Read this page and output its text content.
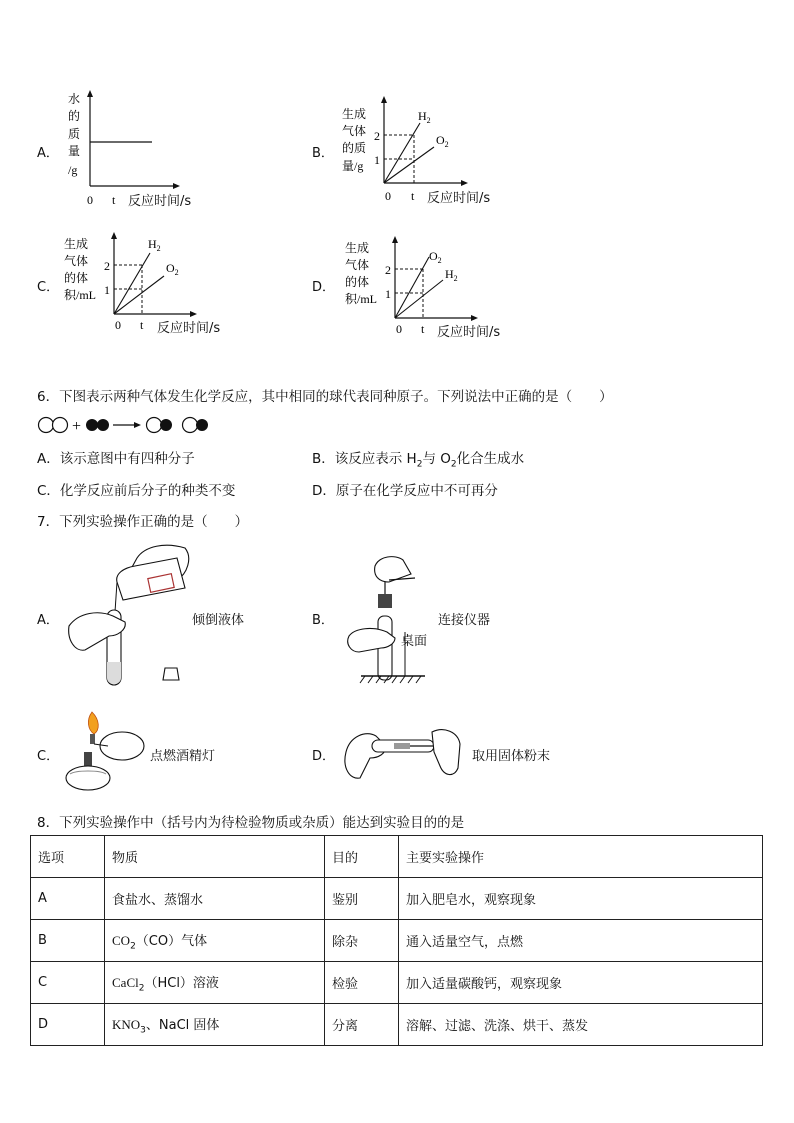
A．
水
的
质
量
/g
0 t 反应时间/s
B．
生成
气体
的质
量/g
2
1
$H_2$
$O_2$
0 t 反应时间/s
C．
生成
气体
的体
积/mL
2
1
$H_2$
$O_2$
0 t 反应时间/s
D．
生成
气体
的体
积/mL
2
1
$O_2$
$H_2$
0 t 反应时间/s
6．下图表示两种气体发生化学反应，其中相同的球代表同种原子。下列说法中正确的是（　　）
+
A．该示意图中有四种分子	B．该反应表示 $H_2$与 $O_2$化合生成水
C．化学反应前后分子的种类不变	D．原子在化学反应中不可再分
7．下列实验操作正确的是（　　）
A．	倾倒液体	B．	连接仪器
桌面
C．	点燃酒精灯	D．	取用固体粉末
8．下列实验操作中（括号内为待检验物质或杂质）能达到实验目的的是
选项	物质	目的	主要实验操作
A	食盐水、蒸馏水	鉴别	加入肥皂水，观察现象
B	$CO_2(CO)$气体	除杂	通入适量空气，点燃
C	CaCl$_2$（HCl）溶液	检验	加入适量碳酸钙，观察现象
D	$KNO_3$、NaCl 固体	分离	溶解、过滤、洗涤、烘干、蒸发
